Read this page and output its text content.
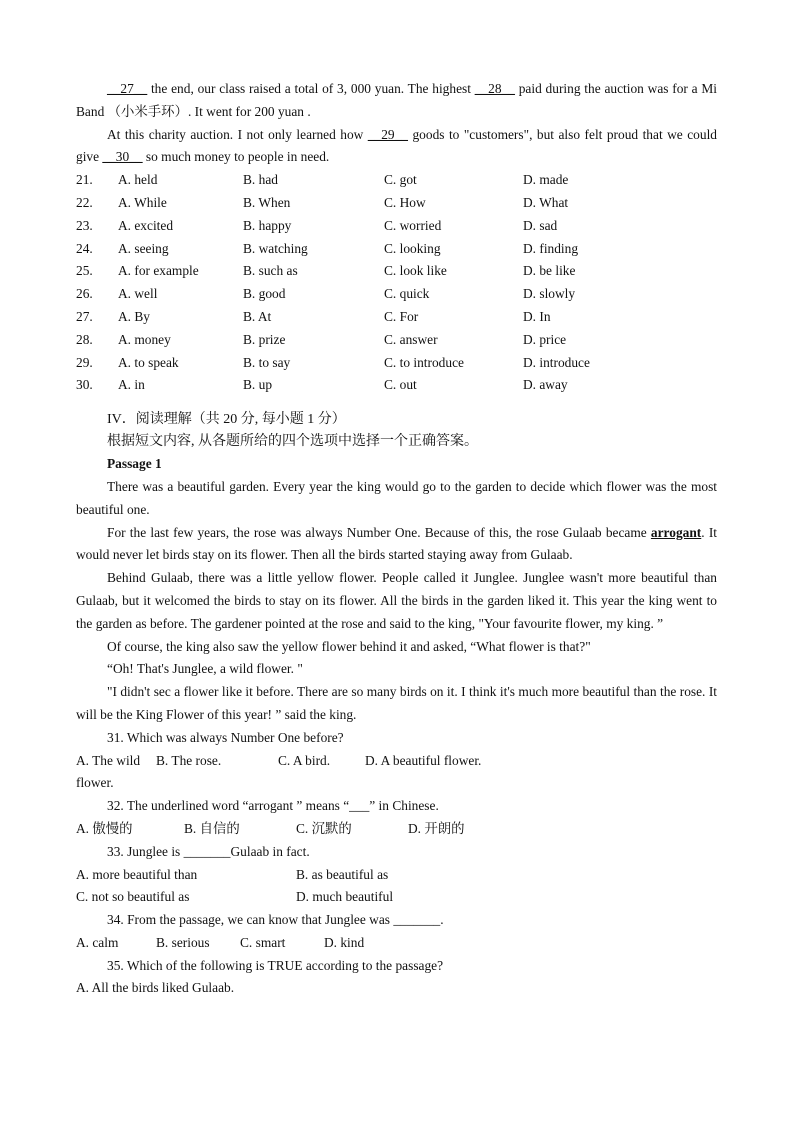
__27__ the end, our class raised a total of 3, 000 yuan. The highest __28__ paid during the auction was for a Mi Band （小米手环）. It went for 200 yuan .

At this charity auction. I not only learned how __29__ goods to "customers", but also felt proud that we could give __30__ so much money to people in need.

21.	A. held	B. had	C. got	D. made
22.	A. While	B. When	C. How	D. What
23.	A. excited	B. happy	C. worried	D. sad
24.	A. seeing	B. watching	C. looking	D. finding
25.	A. for example	B. such as	C. look like	D. be like
26.	A. well	B. good	C. quick	D. slowly
27.	A. By	B. At	C. For	D. In
28.	A. money	B. prize	C. answer	D. price
29.	A. to speak	B. to say	C. to introduce	D. introduce
30.	A. in	B. up	C. out	D. away
IV．阅读理解（共 20 分, 每小题 1 分）
根据短文内容, 从各题所给的四个选项中选择一个正确答案。
Passage 1

There was a beautiful garden. Every year the king would go to the garden to decide which flower was the most beautiful one.

For the last few years, the rose was always Number One. Because of this, the rose Gulaab became arrogant. It would never let birds stay on its flower. Then all the birds started staying away from Gulaab.

Behind Gulaab, there was a little yellow flower. People called it Junglee. Junglee wasn't more beautiful than Gulaab, but it welcomed the birds to stay on its flower. All the birds in the garden liked it. This year the king went to the garden as before. The gardener pointed at the rose and said to the king, "Your favourite flower, my king. ”

Of course, the king also saw the yellow flower behind it and asked, “What flower is that?"

“Oh! That's Junglee, a wild flower. "

"I didn't sec a flower like it before. There are so many birds on it. I think it's much more beautiful than the rose. It will be the King Flower of this year! ” said the king.

31. Which was always Number One before?
A. The wild flower.
B. The rose.	C. A bird.	D. A beautiful flower.
32. The underlined word “arrogant ” means “___” in Chinese.
A. 傲慢的	B. 自信的	C. 沉默的	D. 开朗的
33. Junglee is _______Gulaab in fact.
A. more beautiful than	B. as beautiful as
C. not so beautiful as	D. much beautiful
34. From the passage, we can know that Junglee was _______.
A. calm	B. serious	C. smart	D. kind
35. Which of the following is TRUE according to the passage?
A. All the birds liked Gulaab.
